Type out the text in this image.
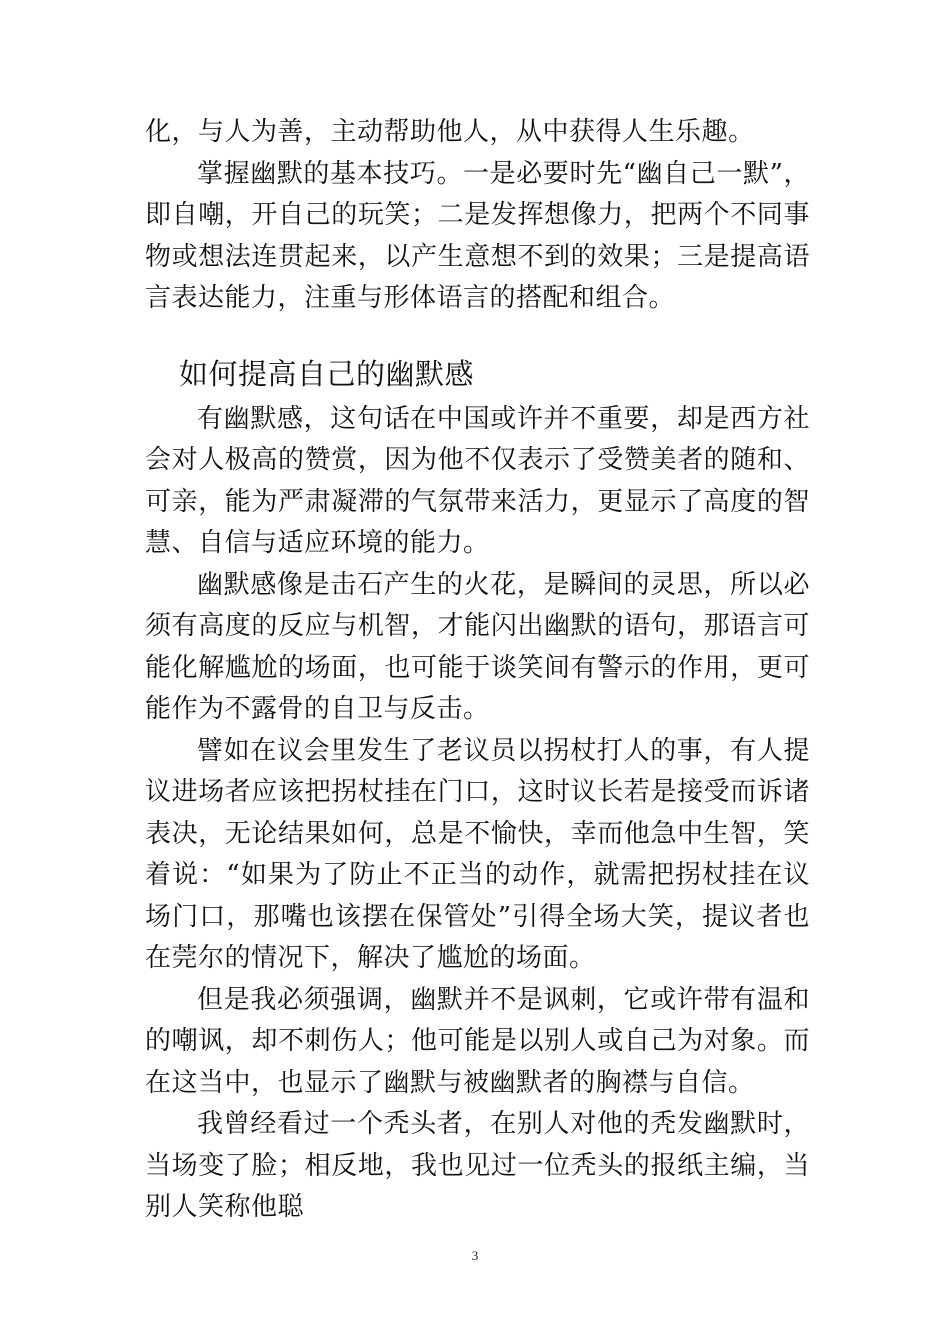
化，与人为善，主动帮助他人，从中获得人生乐趣。

掌握幽默的基本技巧。一是必要时先“幽自己一默”，即自嘲，开自己的玩笑；二是发挥想像力，把两个不同事物或想法连贯起来，以产生意想不到的效果；三是提高语言表达能力，注重与形体语言的搭配和组合。

如何提高自己的幽默感

有幽默感，这句话在中国或许并不重要，却是西方社会对人极高的赞赏，因为他不仅表示了受赞美者的随和、可亲，能为严肃凝滞的气氛带来活力，更显示了高度的智慧、自信与适应环境的能力。

幽默感像是击石产生的火花，是瞬间的灵思，所以必须有高度的反应与机智，才能闪出幽默的语句，那语言可能化解尴尬的场面，也可能于谈笑间有警示的作用，更可能作为不露骨的自卫与反击。

譬如在议会里发生了老议员以拐杖打人的事，有人提议进场者应该把拐杖挂在门口，这时议长若是接受而诉诸表决，无论结果如何，总是不愉快，幸而他急中生智，笑着说：“如果为了防止不正当的动作，就需把拐杖挂在议场门口，那嘴也该摆在保管处”引得全场大笑，提议者也在莞尔的情况下，解决了尴尬的场面。

但是我必须强调，幽默并不是讽刺，它或许带有温和的嘲讽，却不刺伤人；他可能是以别人或自己为对象。而在这当中，也显示了幽默与被幽默者的胸襟与自信。

我曾经看过一个秃头者，在别人对他的秃发幽默时，当场变了脸；相反地，我也见过一位秃头的报纸主编，当别人笑称他聪

3
